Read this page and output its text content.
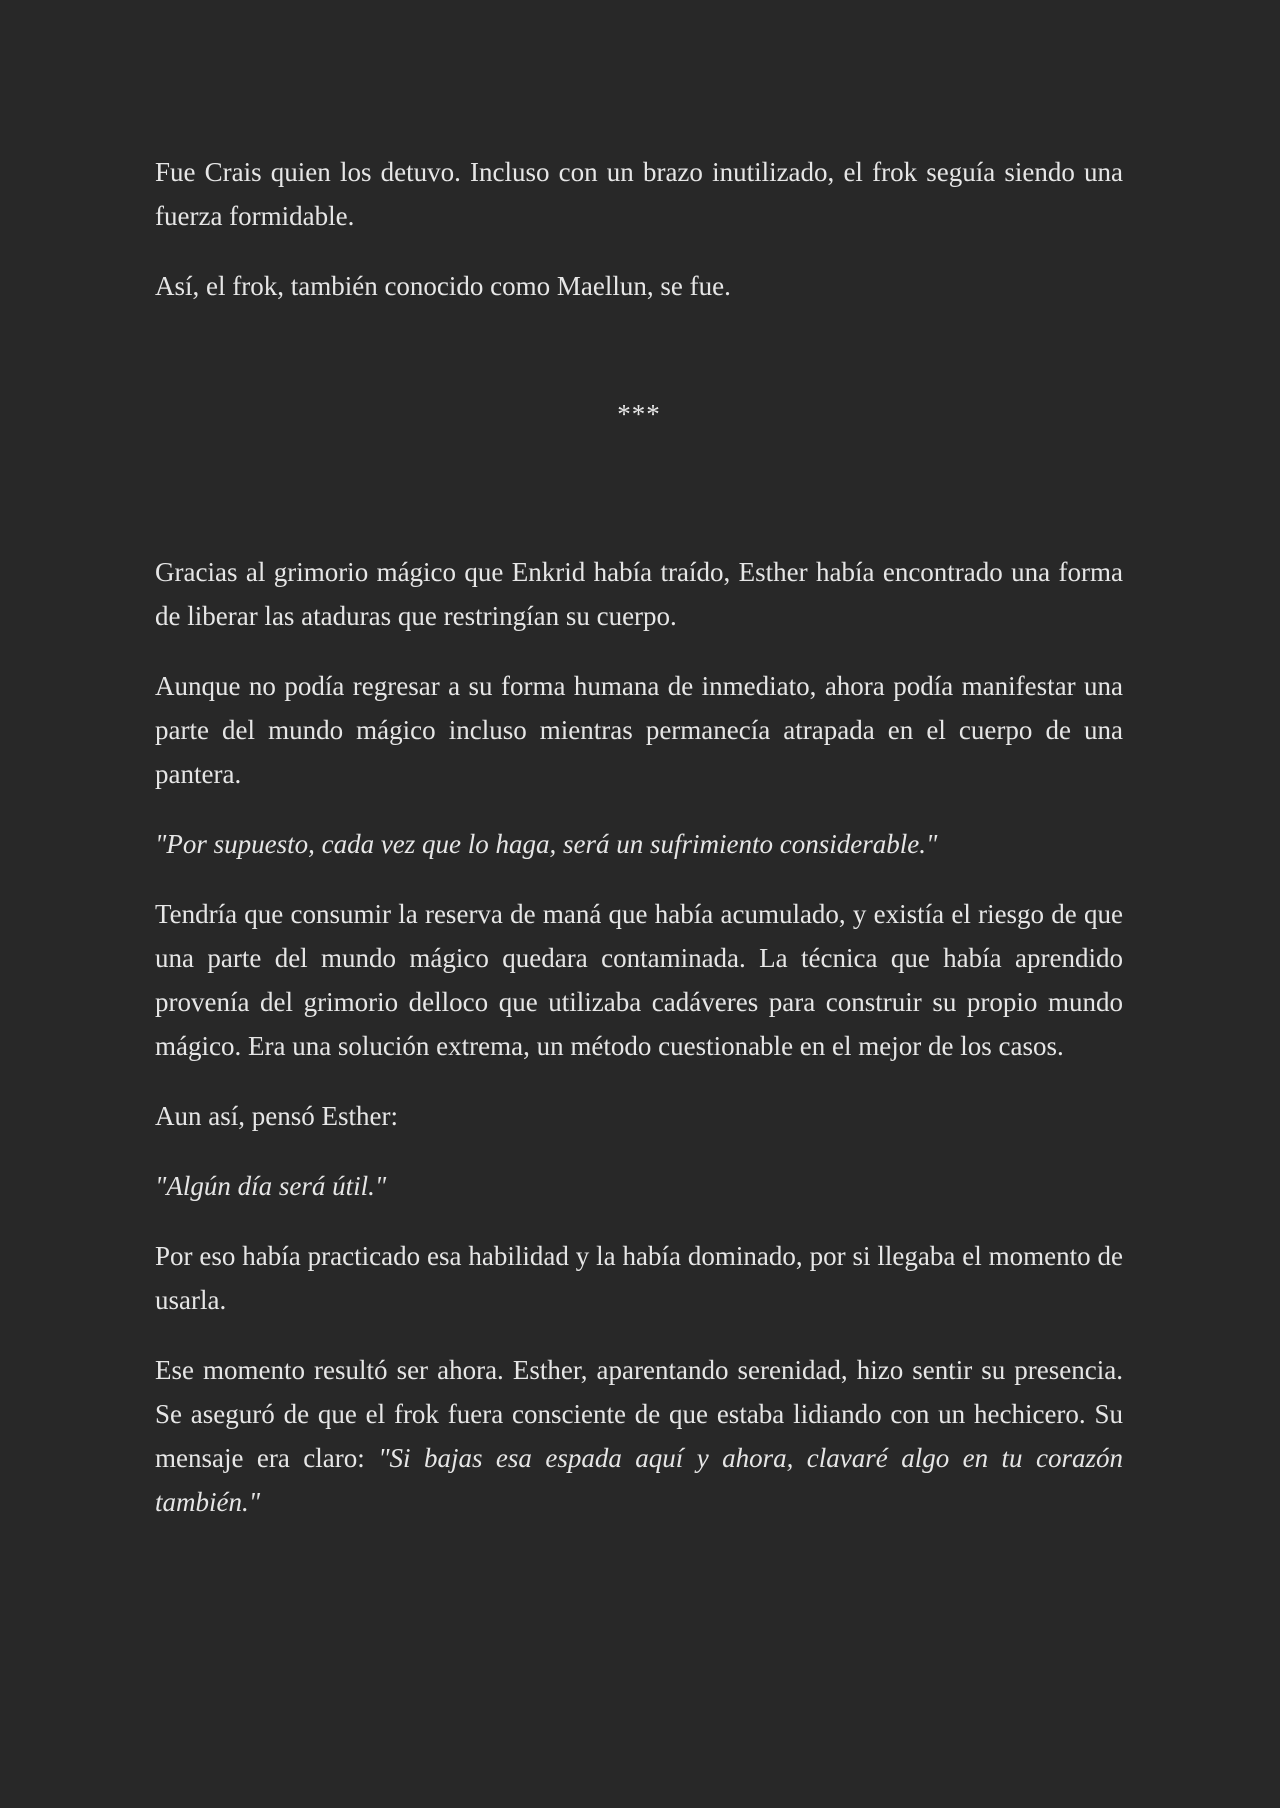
Fue Crais quien los detuvo. Incluso con un brazo inutilizado, el frok seguía siendo una fuerza formidable.

Así, el frok, también conocido como Maellun, se fue.

***

Gracias al grimorio mágico que Enkrid había traído, Esther había encontrado una forma de liberar las ataduras que restringían su cuerpo.

Aunque no podía regresar a su forma humana de inmediato, ahora podía manifestar una parte del mundo mágico incluso mientras permanecía atrapada en el cuerpo de una pantera.

"Por supuesto, cada vez que lo haga, será un sufrimiento considerable."

Tendría que consumir la reserva de maná que había acumulado, y existía el riesgo de que una parte del mundo mágico quedara contaminada. La técnica que había aprendido provenía del grimorio delloco que utilizaba cadáveres para construir su propio mundo mágico. Era una solución extrema, un método cuestionable en el mejor de los casos.

Aun así, pensó Esther:

"Algún día será útil."

Por eso había practicado esa habilidad y la había dominado, por si llegaba el momento de usarla.

Ese momento resultó ser ahora. Esther, aparentando serenidad, hizo sentir su presencia. Se aseguró de que el frok fuera consciente de que estaba lidiando con un hechicero. Su mensaje era claro: "Si bajas esa espada aquí y ahora, clavaré algo en tu corazón también."
